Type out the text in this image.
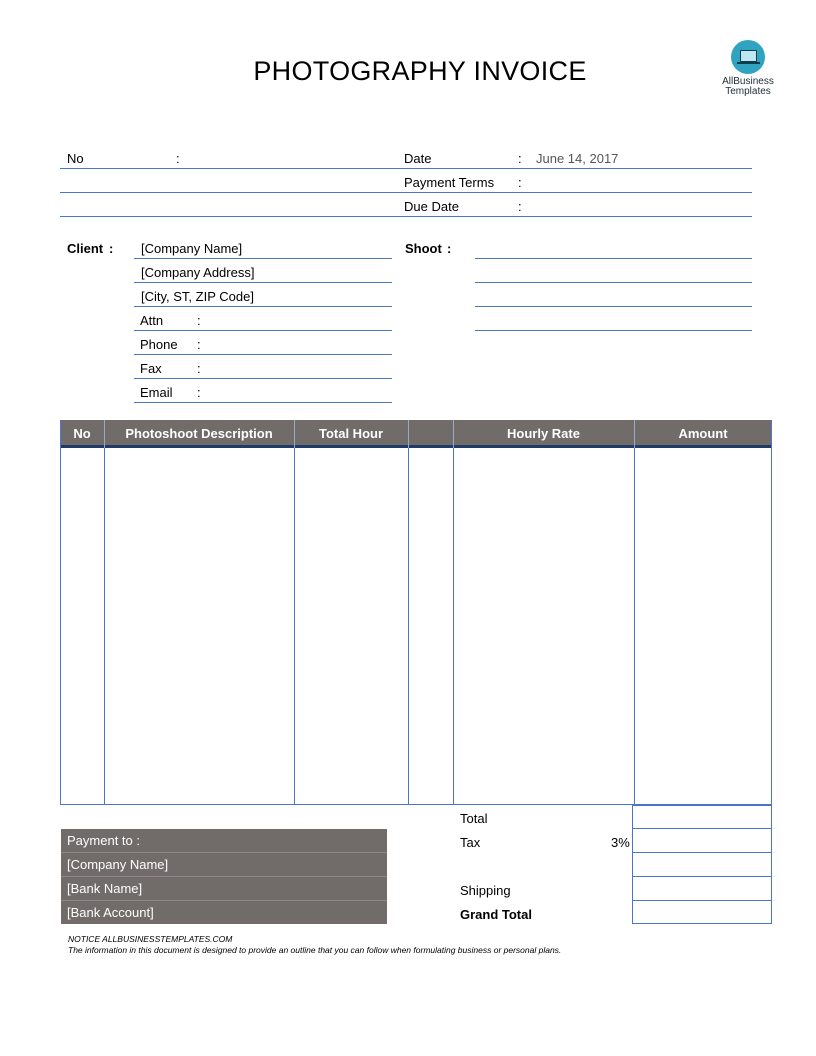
PHOTOGRAPHY INVOICE	AllBusiness
Templates
No	:	Date	: June 14, 2017
Payment Terms :
Due Date	:
Client : [Company Name]
[Company Address]
[City, ST, ZIP Code]
Attn	:
Phone :
Fax	:
Email :
Shoot :
No	Photoshoot Description	Total Hour	Hourly Rate	Amount
Total
Tax	3%
Shipping
Grand Total
Payment to :
[Company Name]
[Bank Name]
[Bank Account]
NOTICE ALLBUSINESSTEMPLATES.COM
The information in this document is designed to provide an outline that you can follow when formulating business or personal plans.
